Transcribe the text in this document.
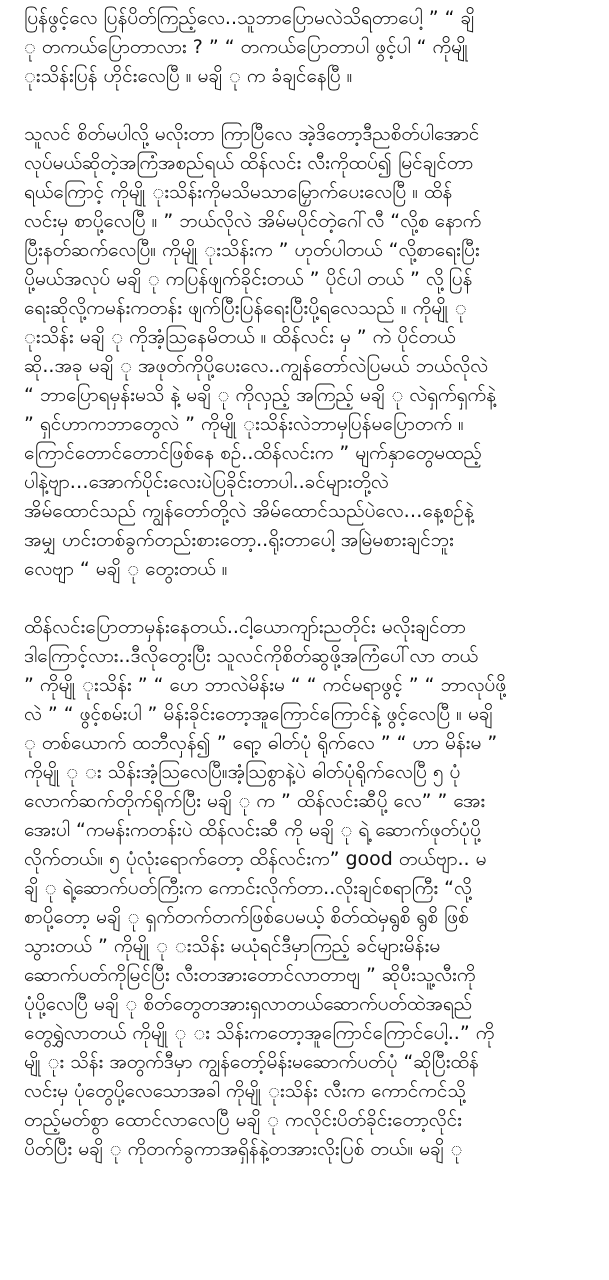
ပြန်ဖွင့်လေ ပြန်ပိတ်ကြည့်လေ..သူဘာပြောမလဲသိရတာပေါ့ ” “ ချိ
ု တကယ်ပြောတာလား ? ” “ တကယ်ပြောတာပါ ဖွင့်ပါ “ ကိုမျို
ုးသိန်းပြန် ဟိုင်းလေပြီ ။ မချိ ု က ခံချင်နေပြီ ။

သူလင် စိတ်မပါလို့ မလိုးတာ ကြာပြီလေ အဲ့ဒိတော့ဒီညစိတ်ပါအောင်
လုပ်မယ်ဆိုတဲ့အကြံအစည်ရယ် ထိန်လင်း လီးကိုထပ်၍ မြင်ချင်တာ
ရယ်ကြောင့် ကိုမျို ုးသိန်းကိုမသိမသာမြှောက်ပေးလေပြီ ။ ထိန်
လင်းမှ စာပို့လေပြီ ။ ” ဘယ်လိုလဲ အိမ်မပိုင်တဲ့ဂေါ်လီ “လို့စ နောက်
ပြီးနတ်ဆက်လေပြီ။ ကိုမျို ုးသိန်းက ” ဟုတ်ပါတယ် “လို့စာရေးပြီး
ပို့မယ်အလုပ် မချိ ု ကပြန်ဖျက်ခိုင်းတယ် ” ပိုင်ပါ တယ် ” လို့ပြန်
ရေးဆိုလို့ကမန်းကတန်း ဖျက်ပြီးပြန်ရေးပြီးပို့ရလေသည် ။ ကိုမျို ု
ုးသိန်း မချိ ု ကိုအံ့သြနေမိတယ် ။ ထိန်လင်း မှ ” ကဲ ပိုင်တယ်
ဆို..အခု မချိ ု အဖုတ်ကိုပို့ပေးလေ..ကျွန်တော်လဲပြမယ် ဘယ်လိုလဲ
“ ဘာပြောရမှန်းမသိ နဲ့ မချိ ု ကိုလှည့် အကြည့် မချိ ု လဲရှက်ရှက်နဲ့
” ရှင်ဟာကဘာတွေလဲ ” ကိုမျို ုးသိန်းလဲဘာမှပြန်မပြောတက် ။
ကြောင်တောင်တောင်ဖြစ်နေ စဉ်..ထိန်လင်းက ” မျက်နှာတွေမထည့်
ပါနဲ့ဗျာ…အောက်ပိုင်းလေးပဲပြခိုင်းတာပါ..ခင်များတို့လဲ
အိမ်ထောင်သည် ကျွန်တော်တို့လဲ အိမ်ထောင်သည်ပဲလေ…နေ့စဉ်နဲ့
အမျှ ဟင်းတစ်ခွက်တည်းစားတော့..ရိုးတာပေါ့ အမြဲမစားချင်ဘူး
လေဗျာ “ မချိ ု တွေးတယ် ။

ထိန်လင်းပြောတာမှန်းနေတယ်..ငါ့ယောကျာ်းညတိုင်း မလိုးချင်တာ
ဒါကြောင့်လား..ဒီလိုတွေးပြီး သူလင်ကိုစိတ်ဆွဖို့အကြံပေါ်လာ တယ်
” ကိုမျို ုးသိန်း ” “ ဟေ ဘာလဲမိန်းမ “ “ ကင်မရာဖွင့် ” “ ဘာလုပ်ဖို့
လဲ ” “ ဖွင့်စမ်းပါ ” မိန်းခိုင်းတော့အူကြောင်ကြောင်နဲ့ ဖွင့်လေပြီ ။ မချိ
ု တစ်ယောက် ထဘီလှန်၍ ” ရော့ ဓါတ်ပုံ ရိုက်လေ ” “ ဟာ မိန်းမ ”
ကိုမျို ု း သိန်းအံ့သြလေပြီ။အံ့သြစွာနဲ့ပဲ ဓါတ်ပုံရိုက်လေပြီ ၅ ပုံ
လောက်ဆက်တိုက်ရိုက်ပြီး မချိ ု က ” ထိန်လင်းဆီပို့ လေ” ” အေး
အေးပါ “ကမန်းကတန်းပဲ ထိန်လင်းဆီ ကို မချိ ု ရဲ့ ဆောက်ဖုတ်ပုံပို့
လိုက်တယ်။ ၅ ပုံလုံးရောက်တော့ ထိန်လင်းက” good တယ်ဗျာ.. မ
ချိ ု ရဲ့ဆောက်ပတ်ကြီးက ကောင်းလိုက်တာ..လိုးချင်စရာကြီး “လို့
စာပို့တော့ မချိ ု ရှက်တက်တက်ဖြစ်ပေမယ့် စိတ်ထဲမှရွစိ ရွစိ ဖြစ်
သွားတယ် ” ကိုမျို ု းသိန်း မယုံရင်ဒီမှာကြည့် ခင်များမိန်းမ
ဆောက်ပတ်ကိုမြင်ပြီး လီးတအားတောင်လာတာဗျ ” ဆိုပီးသူ့လီးကို
ပုံပို့လေပြီ မချိ ု စိတ်တွေတအားရှလာတယ်ဆောက်ပတ်ထဲအရည်
တွေရွှဲလာတယ် ကိုမျို ု း သိန်းကတော့အူကြောင်ကြောင်ပေါ့..” ကို
မျို ုး သိန်း အတွက်ဒီမှာ ကျွန်တော့်မိန်းမဆောက်ပတ်ပုံ “ဆိုပြီးထိန်
လင်းမှ ပုံတွေပို့လေသောအခါ ကိုမျို ုးသိန်း လီးက ကောင်ကင်သို့
တည့်မတ်စွာ ထောင်လာလေပြီ မချိ ု ကလိုင်းပိတ်ခိုင်းတော့လိုင်း
ပိတ်ပြီး မချိ ု ကိုတက်ခွကာအရှိန်နဲ့တအားလိုးပြစ် တယ်။ မချိ ု
